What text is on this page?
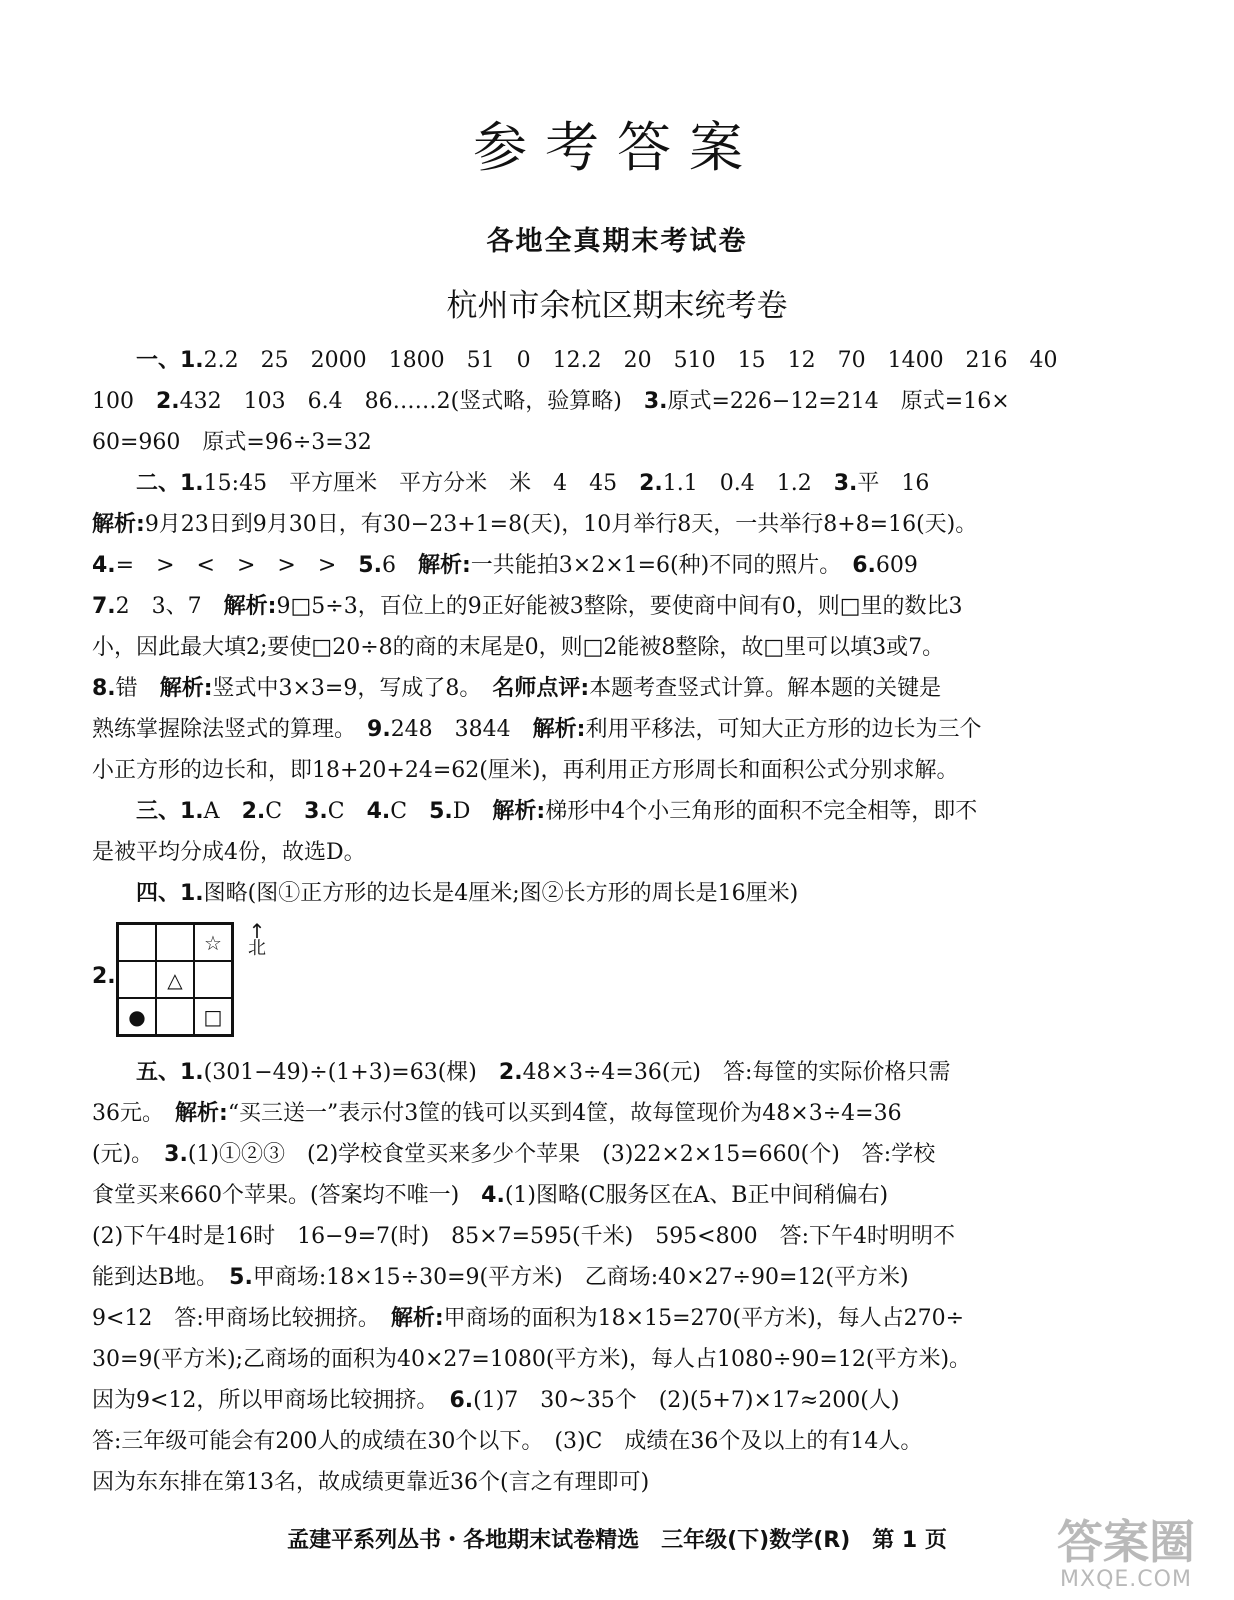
参考答案
各地全真期末考试卷
杭州市余杭区期末统考卷
一、1.2.2　25　2000　1800　51　0　12.2　20　510　15　12　70　1400　216　40
100　2.432　103　6.4　86……2(竖式略，验算略)　3.原式=226−12=214　原式=16×
60=960　原式=96÷3=32
二、1.15:45　平方厘米　平方分米　米　4　45　2.1.1　0.4　1.2　3.平　16
解析:9月23日到9月30日，有30−23+1=8(天)，10月举行8天，一共举行8+8=16(天)。
4.=　>　<　>　>　>　5.6　解析:一共能拍3×2×1=6(种)不同的照片。　6.609
7.2　3、7　解析:9□5÷3，百位上的9正好能被3整除，要使商中间有0，则□里的数比3
小，因此最大填2;要使□20÷8的商的末尾是0，则□2能被8整除，故□里可以填3或7。
8.错　解析:竖式中3×3=9，写成了8。　名师点评:本题考查竖式计算。解本题的关键是
熟练掌握除法竖式的算理。　9.248　3844　解析:利用平移法，可知大正方形的边长为三个
小正方形的边长和，即18+20+24=62(厘米)，再利用正方形周长和面积公式分别求解。
三、1.A　2.C　3.C　4.C　5.D　解析:梯形中4个小三角形的面积不完全相等，即不
是被平均分成4份，故选D。
四、1.图略(图①正方形的边长是4厘米;图②长方形的周长是16厘米)
2.
		☆
	△	
●		□
↑
北
五、1.(301−49)÷(1+3)=63(棵)　2.48×3÷4=36(元)　答:每筐的实际价格只需
36元。　解析:“买三送一”表示付3筐的钱可以买到4筐，故每筐现价为48×3÷4=36
(元)。　3.(1)①②③　(2)学校食堂买来多少个苹果　(3)22×2×15=660(个)　答:学校
食堂买来660个苹果。(答案均不唯一)　4.(1)图略(C服务区在A、B正中间稍偏右)
(2)下午4时是16时　16−9=7(时)　85×7=595(千米)　595<800　答:下午4时明明不
能到达B地。　5.甲商场:18×15÷30=9(平方米)　乙商场:40×27÷90=12(平方米)
9<12　答:甲商场比较拥挤。　解析:甲商场的面积为18×15=270(平方米)，每人占270÷
30=9(平方米);乙商场的面积为40×27=1080(平方米)，每人占1080÷90=12(平方米)。
因为9<12，所以甲商场比较拥挤。　6.(1)7　30~35个　(2)(5+7)×17≈200(人)
答:三年级可能会有200人的成绩在30个以下。　(3)C　成绩在36个及以上的有14人。
因为东东排在第13名，故成绩更靠近36个(言之有理即可)
孟建平系列丛书・各地期末试卷精选　三年级(下)数学(R)　第 1 页	答案圈
MXQE.COM
